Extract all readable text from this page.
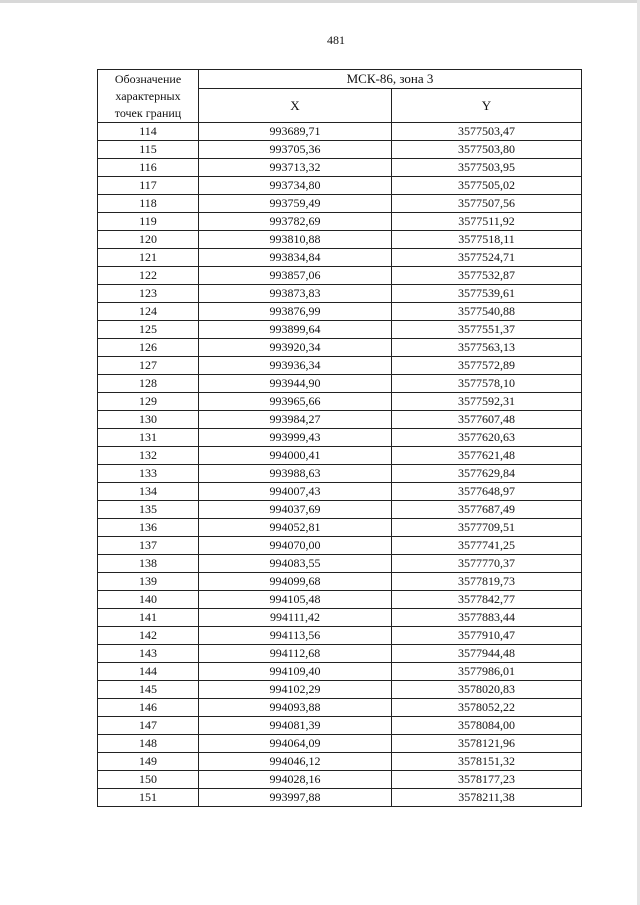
481
Обозначение
характерных
точек границ	МСК-86, зона 3	
	X	Y
114	993689,71	3577503,47
115	993705,36	3577503,80
116	993713,32	3577503,95
117	993734,80	3577505,02
118	993759,49	3577507,56
119	993782,69	3577511,92
120	993810,88	3577518,11
121	993834,84	3577524,71
122	993857,06	3577532,87
123	993873,83	3577539,61
124	993876,99	3577540,88
125	993899,64	3577551,37
126	993920,34	3577563,13
127	993936,34	3577572,89
128	993944,90	3577578,10
129	993965,66	3577592,31
130	993984,27	3577607,48
131	993999,43	3577620,63
132	994000,41	3577621,48
133	993988,63	3577629,84
134	994007,43	3577648,97
135	994037,69	3577687,49
136	994052,81	3577709,51
137	994070,00	3577741,25
138	994083,55	3577770,37
139	994099,68	3577819,73
140	994105,48	3577842,77
141	994111,42	3577883,44
142	994113,56	3577910,47
143	994112,68	3577944,48
144	994109,40	3577986,01
145	994102,29	3578020,83
146	994093,88	3578052,22
147	994081,39	3578084,00
148	994064,09	3578121,96
149	994046,12	3578151,32
150	994028,16	3578177,23
151	993997,88	3578211,38
